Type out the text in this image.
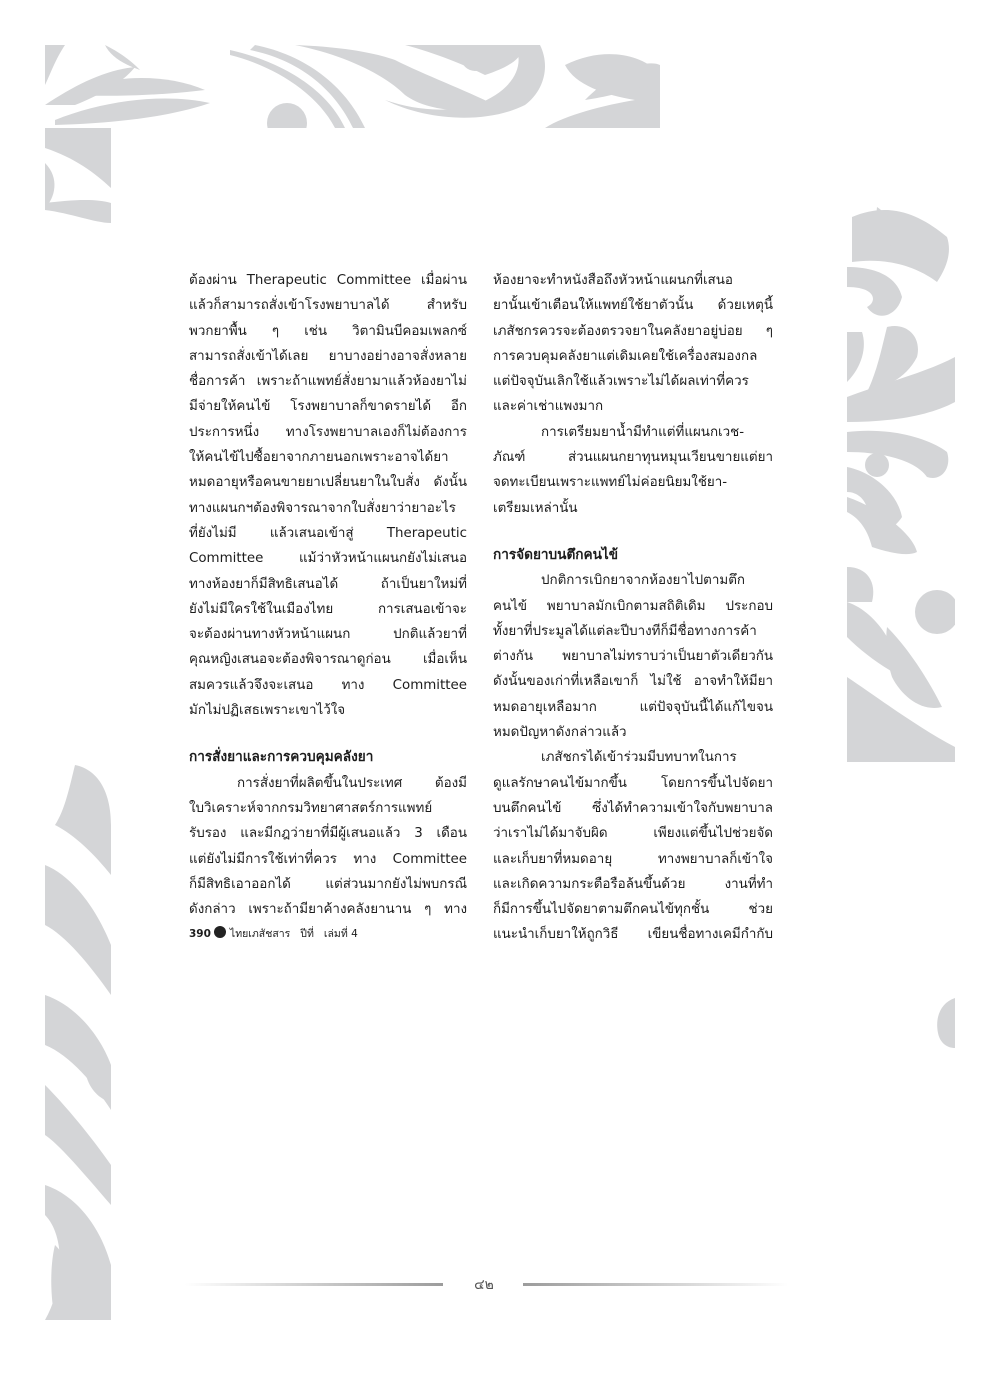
ต้องผ่าน Therapeutic Committee เมื่อผ่าน
แล้วก็สามารถสั่งเข้าโรงพยาบาลได้ สำหรับ
พวกยาพื้น ๆ เช่น วิตามินบีคอมเพลกซ์
สามารถสั่งเข้าได้เลย ยาบางอย่างอาจสั่งหลาย
ชื่อการค้า เพราะถ้าแพทย์สั่งยามาแล้วห้องยาไม่
มีจ่ายให้คนไข้ โรงพยาบาลก็ขาดรายได้ อีก
ประการหนึ่ง ทางโรงพยาบาลเองก็ไม่ต้องการ
ให้คนไข้ไปซื้อยาจากภายนอกเพราะอาจได้ยา
หมดอายุหรือคนขายยาเปลี่ยนยาในใบสั่ง ดังนั้น
ทางแผนกฯต้องพิจารณาจากใบสั่งยาว่ายาอะไร
ที่ยังไม่มี แล้วเสนอเข้าสู่ Therapeutic
Committee แม้ว่าหัวหน้าแผนกยังไม่เสนอ
ทางห้องยาก็มีสิทธิเสนอได้ ถ้าเป็นยาใหม่ที่
ยังไม่มีใครใช้ในเมืองไทย การเสนอเข้าจะ
จะต้องผ่านทางหัวหน้าแผนก ปกติแล้วยาที่
คุณหญิงเสนอจะต้องพิจารณาดูก่อน เมื่อเห็น
สมควรแล้วจึงจะเสนอ ทาง Committee
มักไม่ปฏิเสธเพราะเขาไว้ใจ

การสั่งยาและการควบคุมคลังยา

การสั่งยาที่ผลิตขึ้นในประเทศ ต้องมี
ใบวิเคราะห์จากกรมวิทยาศาสตร์การแพทย์
รับรอง และมีกฎว่ายาที่มีผู้เสนอแล้ว 3 เดือน
แต่ยังไม่มีการใช้เท่าที่ควร ทาง Committee
ก็มีสิทธิเอาออกได้ แต่ส่วนมากยังไม่พบกรณี
ดังกล่าว เพราะถ้ามียาค้างคลังยานาน ๆ ทาง

390 ไทยเภสัชสาร ปีที่ เล่มที่ 4

ห้องยาจะทำหนังสือถึงหัวหน้าแผนกที่เสนอ
ยานั้นเข้าเตือนให้แพทย์ใช้ยาตัวนั้น ด้วยเหตุนี้
เภสัชกรควรจะต้องตรวจยาในคลังยาอยู่บ่อย ๆ
การควบคุมคลังยาแต่เดิมเคยใช้เครื่องสมองกล
แต่ปัจจุบันเลิกใช้แล้วเพราะไม่ได้ผลเท่าที่ควร
และค่าเช่าแพงมาก

การเตรียมยาน้ำมีทำแต่ที่แผนกเวช-
ภัณฑ์ ส่วนแผนกยาทุนหมุนเวียนขายแต่ยา
จดทะเบียนเพราะแพทย์ไม่ค่อยนิยมใช้ยา-
เตรียมเหล่านั้น

การจัดยาบนตึกคนไข้

ปกติการเบิกยาจากห้องยาไปตามตึก
คนไข้ พยาบาลมักเบิกตามสถิติเดิม ประกอบ
ทั้งยาที่ประมูลได้แต่ละปีบางทีก็มีชื่อทางการค้า
ต่างกัน พยาบาลไม่ทราบว่าเป็นยาตัวเดียวกัน
ดังนั้นของเก่าที่เหลือเขาก็ ไม่ใช้ อาจทำให้มียา
หมดอายุเหลือมาก แต่ปัจจุบันนี้ได้แก้ไขจน
หมดปัญหาดังกล่าวแล้ว

เภสัชกรได้เข้าร่วมมีบทบาทในการ
ดูแลรักษาคนไข้มากขึ้น โดยการขึ้นไปจัดยา
บนตึกคนไข้ ซึ่งได้ทำความเข้าใจกับพยาบาล
ว่าเราไม่ได้มาจับผิด เพียงแต่ขึ้นไปช่วยจัด
และเก็บยาที่หมดอายุ ทางพยาบาลก็เข้าใจ
และเกิดความกระตือรือล้นขึ้นด้วย งานที่ทำ
ก็มีการขึ้นไปจัดยาตามตึกคนไข้ทุกชั้น ช่วย
แนะนำเก็บยาให้ถูกวิธี เขียนชื่อทางเคมีกำกับ

๔๒
